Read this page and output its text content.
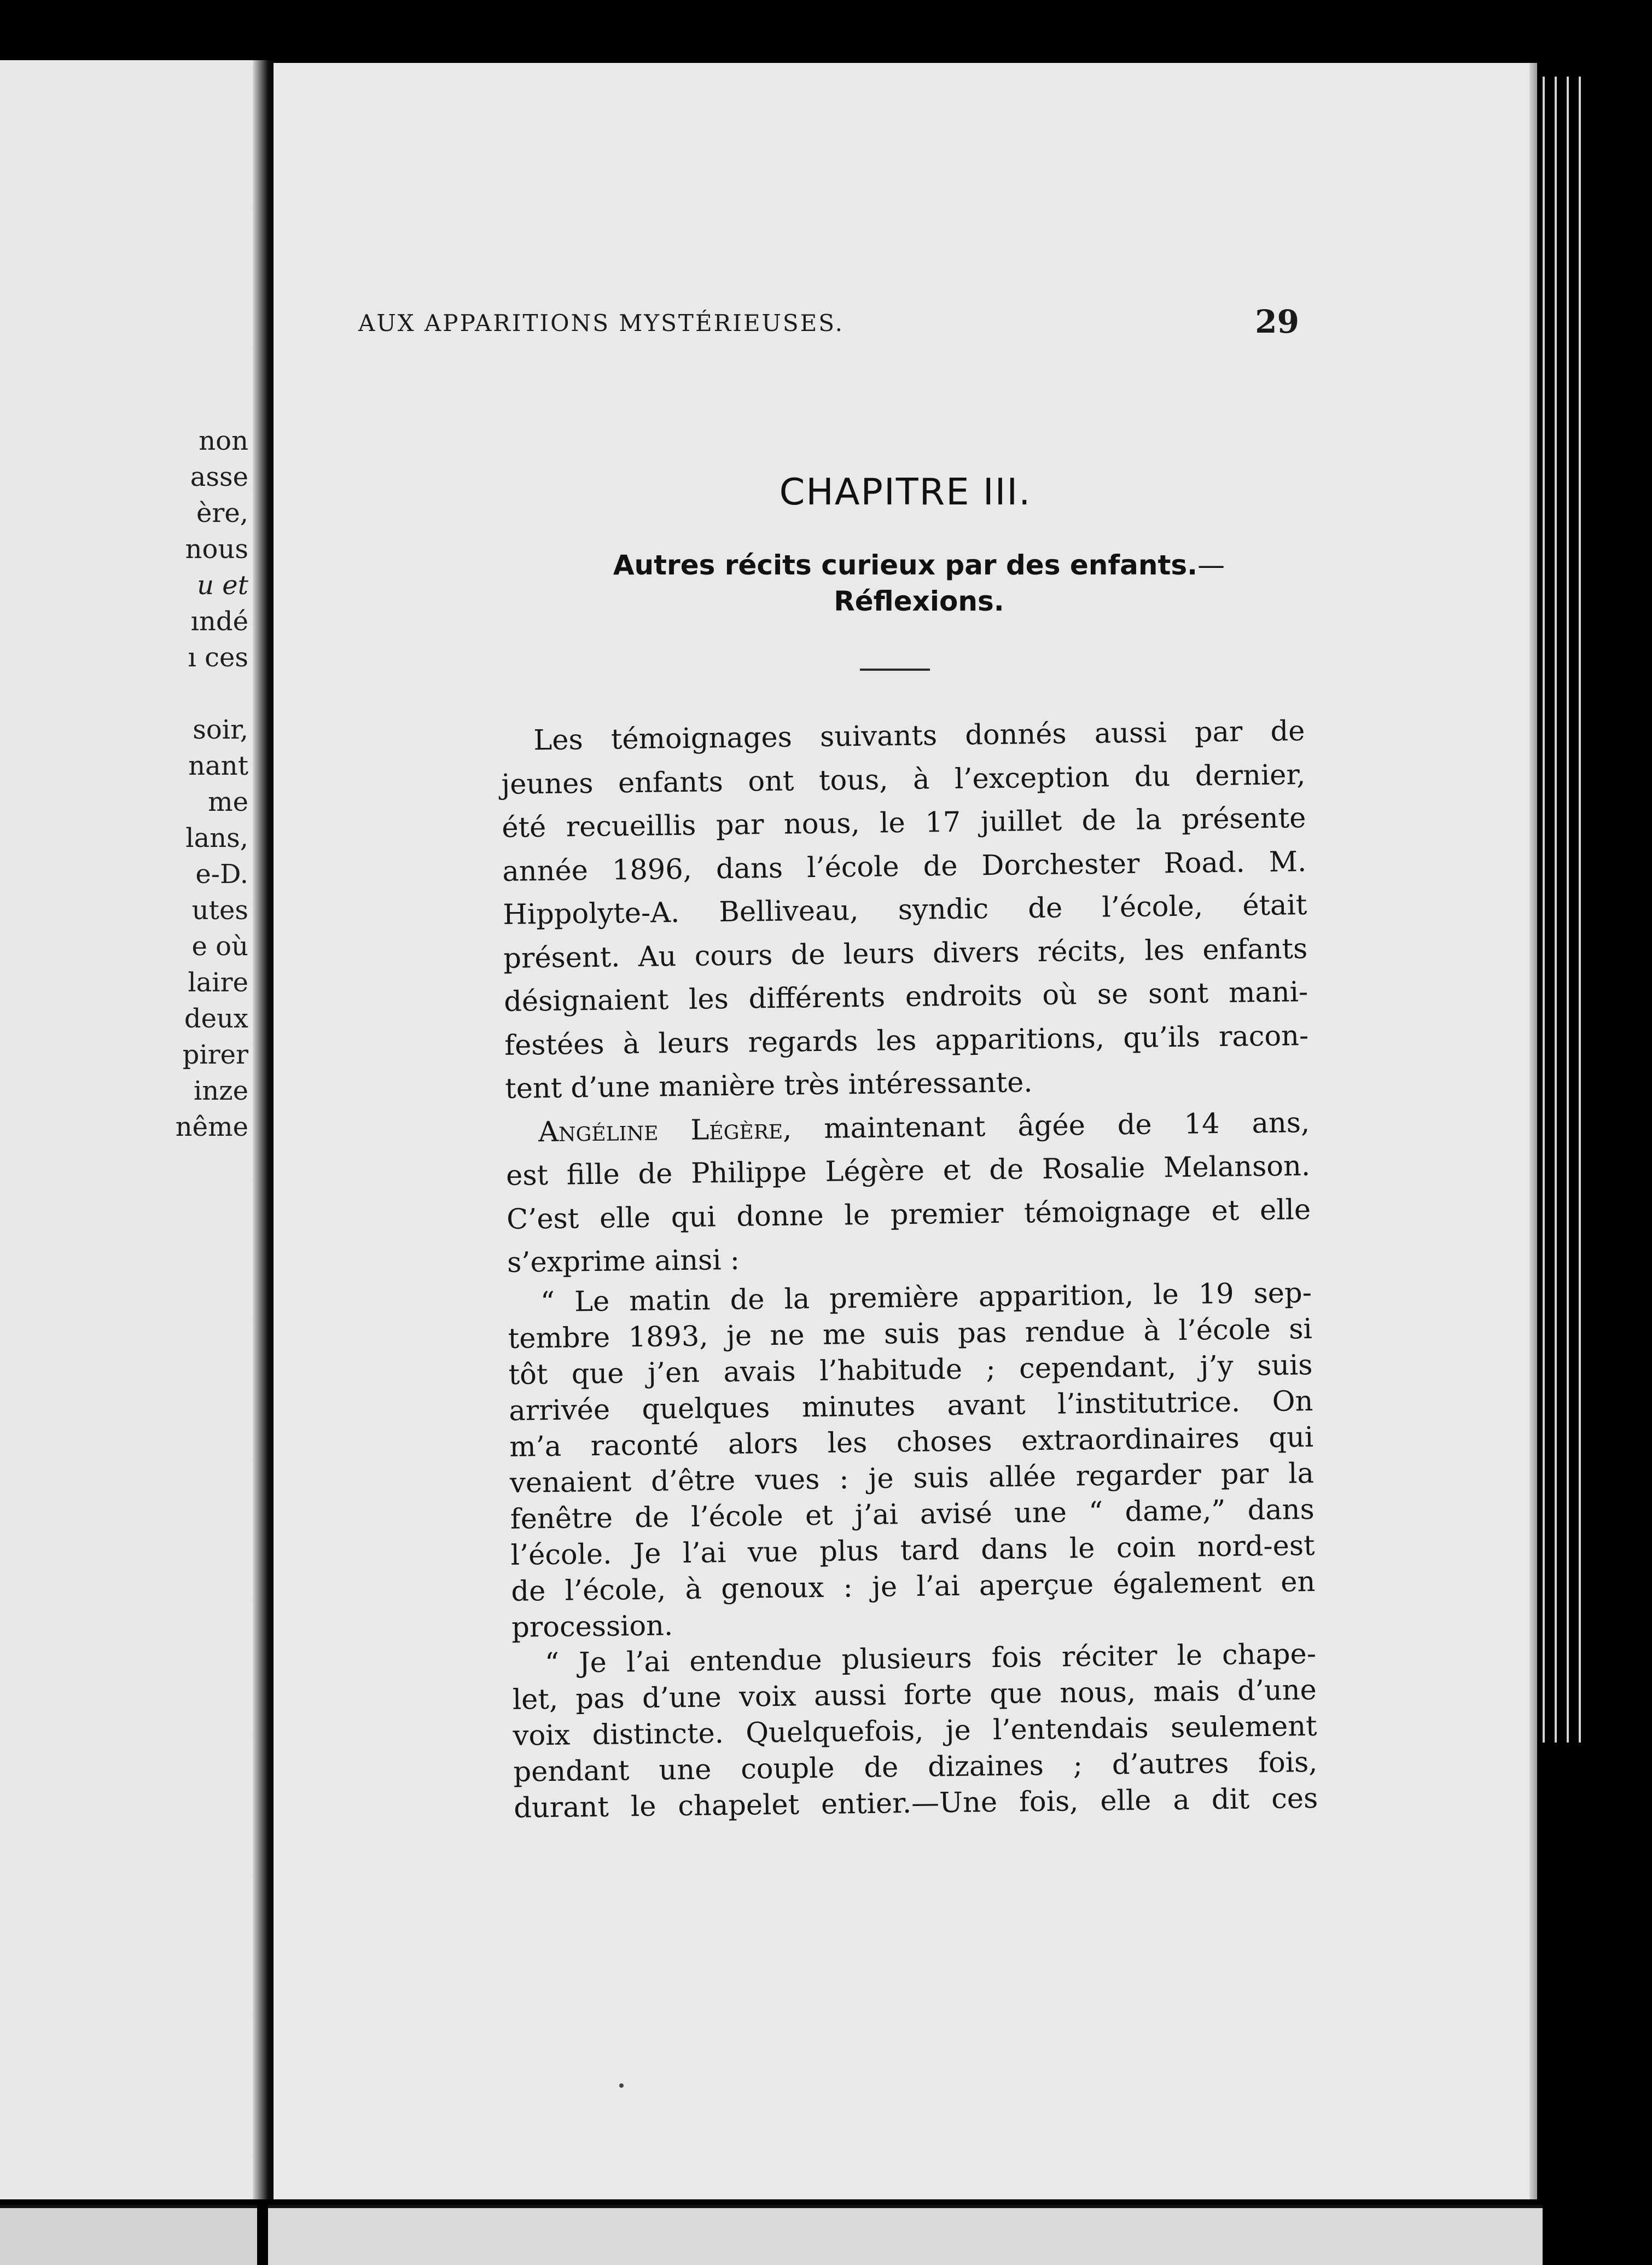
non
asse
ère,
nous
u et
ındé
ı ces
soir,
nant
me
lans,
e-D.
utes
e où
laire
deux
pirer
inze
nême
AUX APPARITIONS MYSTÉRIEUSES.	29
CHAPITRE III.
Autres récits curieux par des enfants.—
Réflexions.
Les témoignages suivants donnés aussi par de
jeunes enfants ont tous, à l’exception du dernier,
été recueillis par nous, le 17 juillet de la présente
année 1896, dans l’école de Dorchester Road. M.
Hippolyte-A. Belliveau, syndic de l’école, était
présent. Au cours de leurs divers récits, les enfants
désignaient les différents endroits où se sont mani-
festées à leurs regards les apparitions, qu’ils racon-
tent d’une manière très intéressante.
Angéline Légère, maintenant âgée de 14 ans,
est fille de Philippe Légère et de Rosalie Melanson.
C’est elle qui donne le premier témoignage et elle
s’exprime ainsi :
“ Le matin de la première apparition, le 19 sep-
tembre 1893, je ne me suis pas rendue à l’école si
tôt que j’en avais l’habitude ; cependant, j’y suis
arrivée quelques minutes avant l’institutrice. On
m’a raconté alors les choses extraordinaires qui
venaient d’être vues : je suis allée regarder par la
fenêtre de l’école et j’ai avisé une “ dame,” dans
l’école. Je l’ai vue plus tard dans le coin nord-est
de l’école, à genoux : je l’ai aperçue également en
procession.
“ Je l’ai entendue plusieurs fois réciter le chape-
let, pas d’une voix aussi forte que nous, mais d’une
voix distincte. Quelquefois, je l’entendais seulement
pendant une couple de dizaines ; d’autres fois,
durant le chapelet entier.—Une fois, elle a dit ces
